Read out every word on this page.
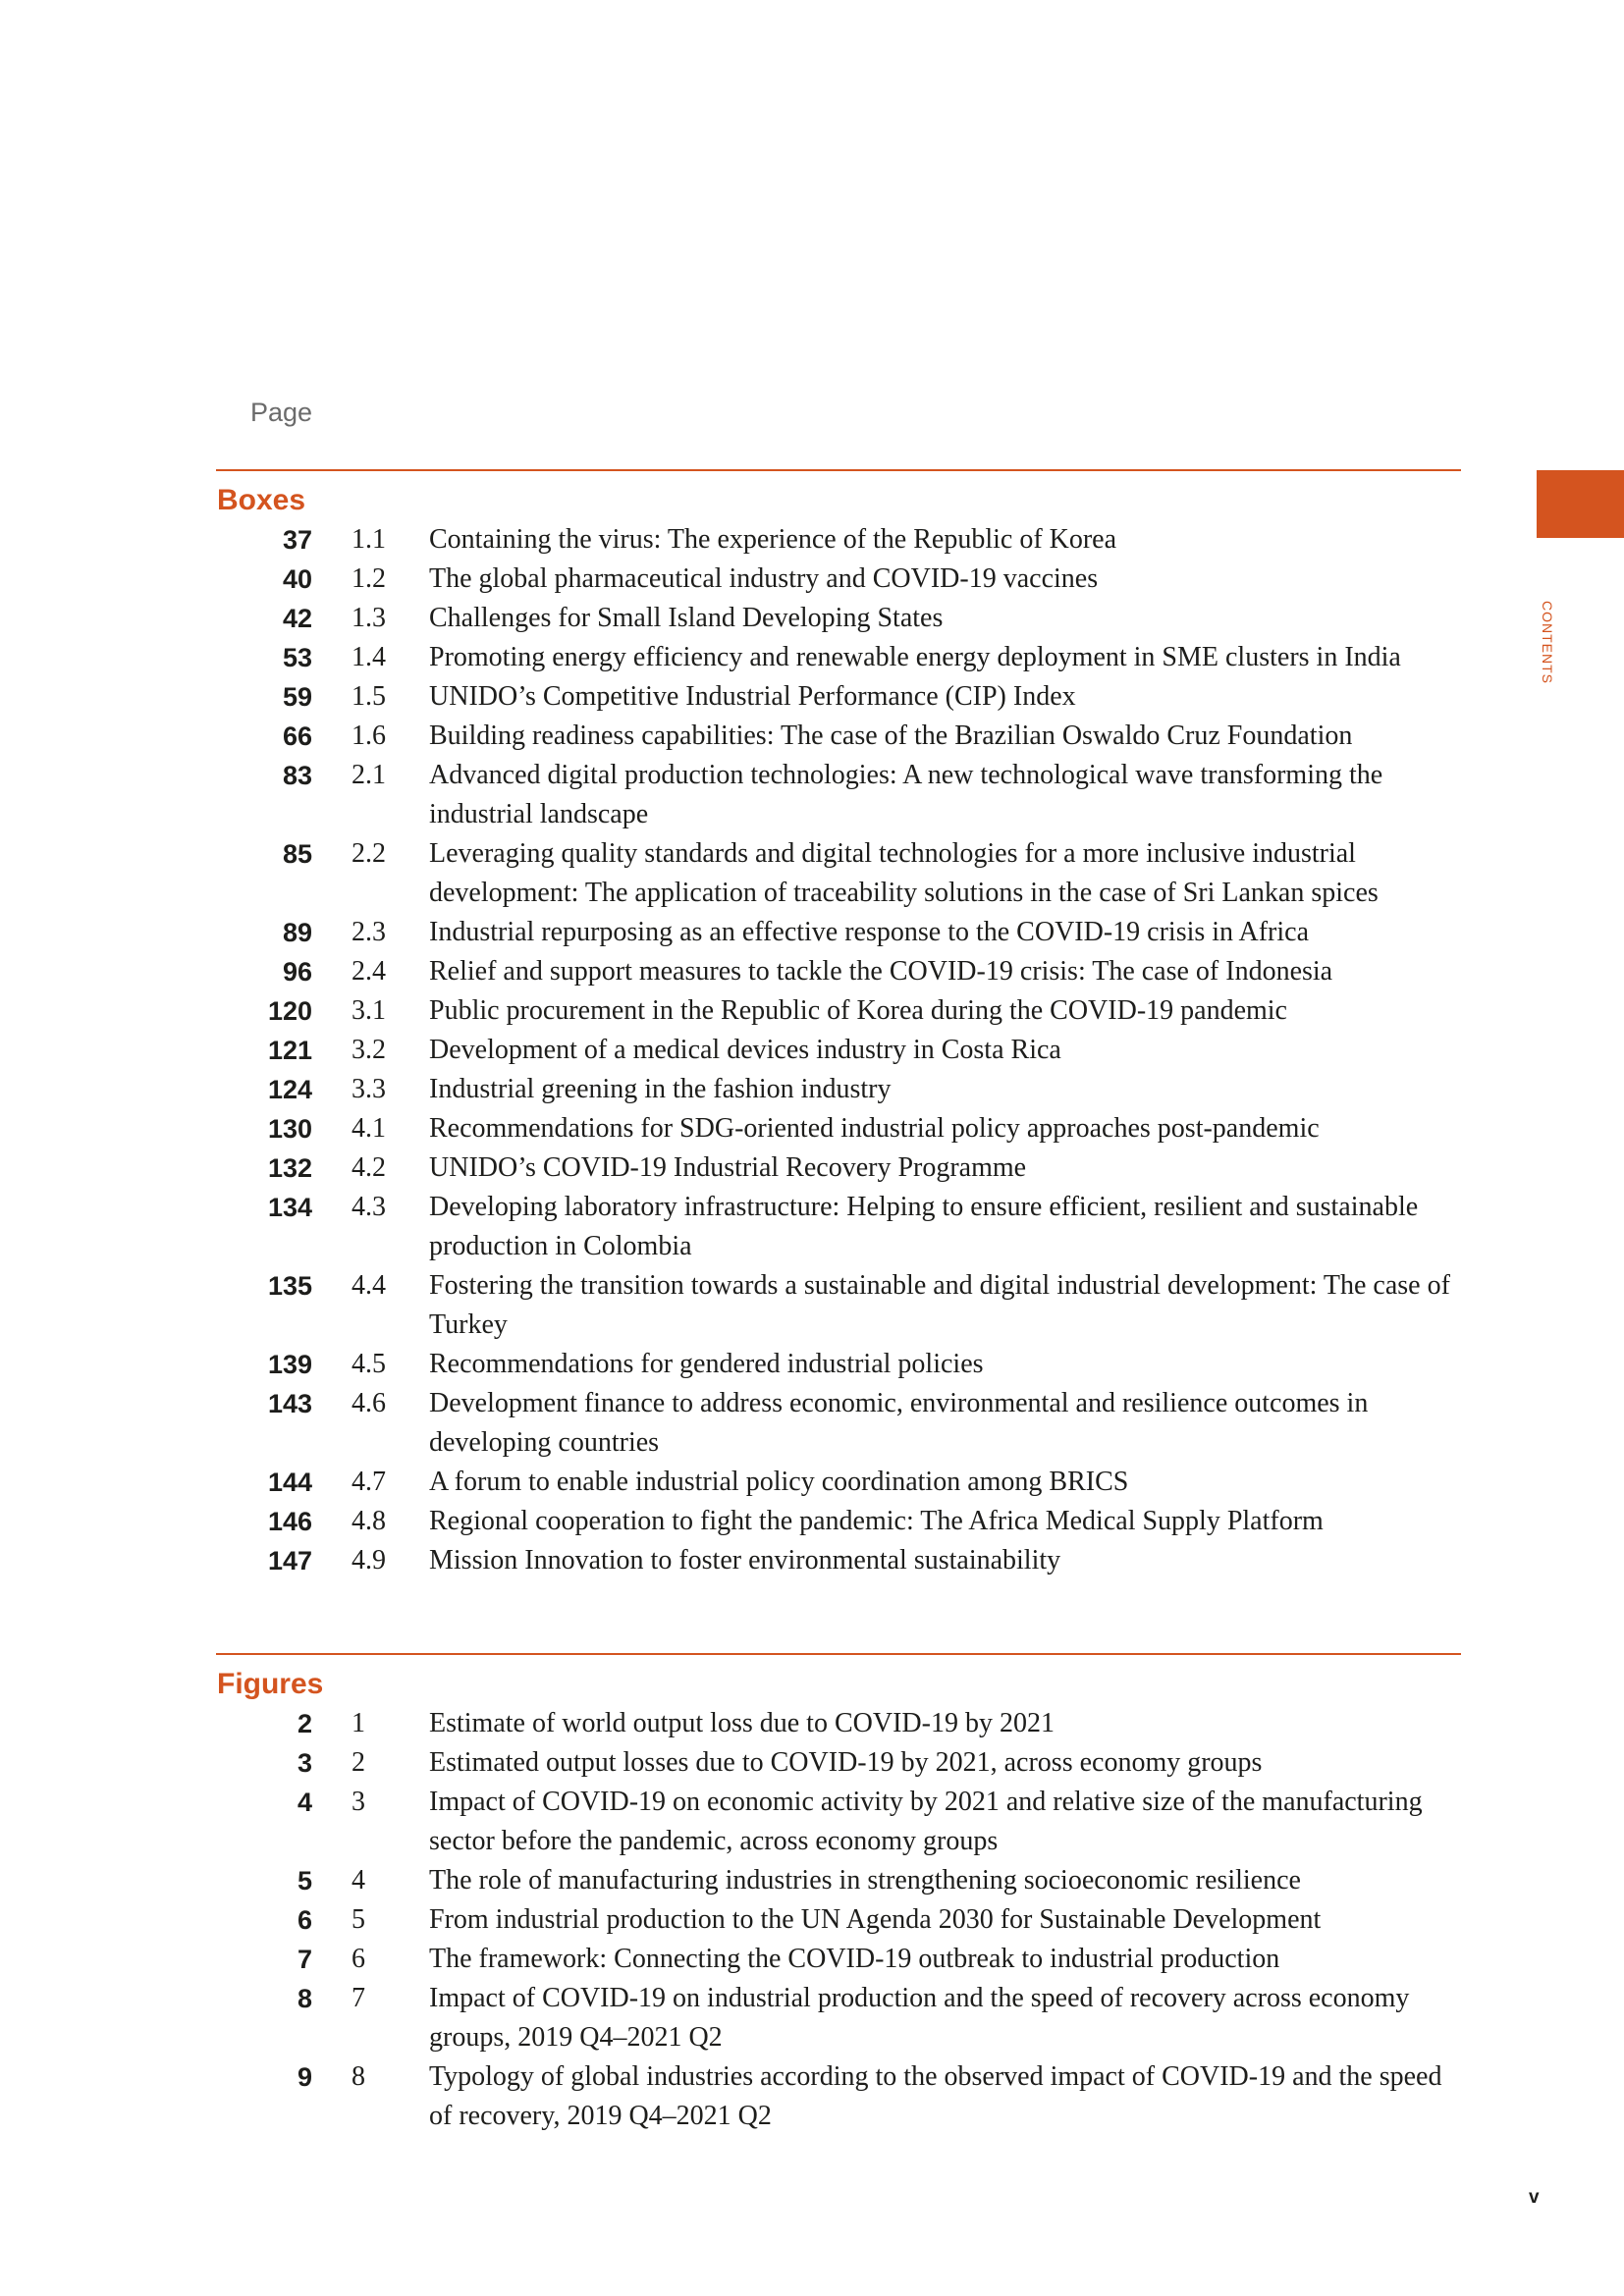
Page
Boxes
37 1.1	Containing the virus: The experience of the Republic of Korea
40 1.2	The global pharmaceutical industry and COVID-19 vaccines
42 1.3	Challenges for Small Island Developing States
53 1.4	Promoting energy efficiency and renewable energy deployment in SME clusters in India
59 1.5	UNIDO’s Competitive Industrial Performance (CIP) Index
66 1.6	Building readiness capabilities: The case of the Brazilian Oswaldo Cruz Foundation
83 2.1	Advanced digital production technologies: A new technological wave transforming the industrial landscape
85 2.2	Leveraging quality standards and digital technologies for a more inclusive industrial development: The application of traceability solutions in the case of Sri Lankan spices
89 2.3	Industrial repurposing as an effective response to the COVID-19 crisis in Africa
96 2.4	Relief and support measures to tackle the COVID-19 crisis: The case of Indonesia
120 3.1	Public procurement in the Republic of Korea during the COVID-19 pandemic
121 3.2	Development of a medical devices industry in Costa Rica
124 3.3	Industrial greening in the fashion industry
130 4.1	Recommendations for SDG-oriented industrial policy approaches post-pandemic
132 4.2	UNIDO’s COVID-19 Industrial Recovery Programme
134 4.3	Developing laboratory infrastructure: Helping to ensure efficient, resilient and sustainable production in Colombia
135 4.4	Fostering the transition towards a sustainable and digital industrial development: The case of Turkey
139 4.5	Recommendations for gendered industrial policies
143 4.6	Development finance to address economic, environmental and resilience outcomes in developing countries
144 4.7	A forum to enable industrial policy coordination among BRICS
146 4.8	Regional cooperation to fight the pandemic: The Africa Medical Supply Platform
147 4.9	Mission Innovation to foster environmental sustainability
Figures
2 1	Estimate of world output loss due to COVID-19 by 2021
3 2	Estimated output losses due to COVID-19 by 2021, across economy groups
4 3	Impact of COVID-19 on economic activity by 2021 and relative size of the manufacturing sector before the pandemic, across economy groups
5 4	The role of manufacturing industries in strengthening socioeconomic resilience
6 5	From industrial production to the UN Agenda 2030 for Sustainable Development
7 6	The framework: Connecting the COVID-19 outbreak to industrial production
8 7	Impact of COVID-19 on industrial production and the speed of recovery across economy groups, 2019 Q4–2021 Q2
9 8	Typology of global industries according to the observed impact of COVID-19 and the speed of recovery, 2019 Q4–2021 Q2
CONTENTS
v
